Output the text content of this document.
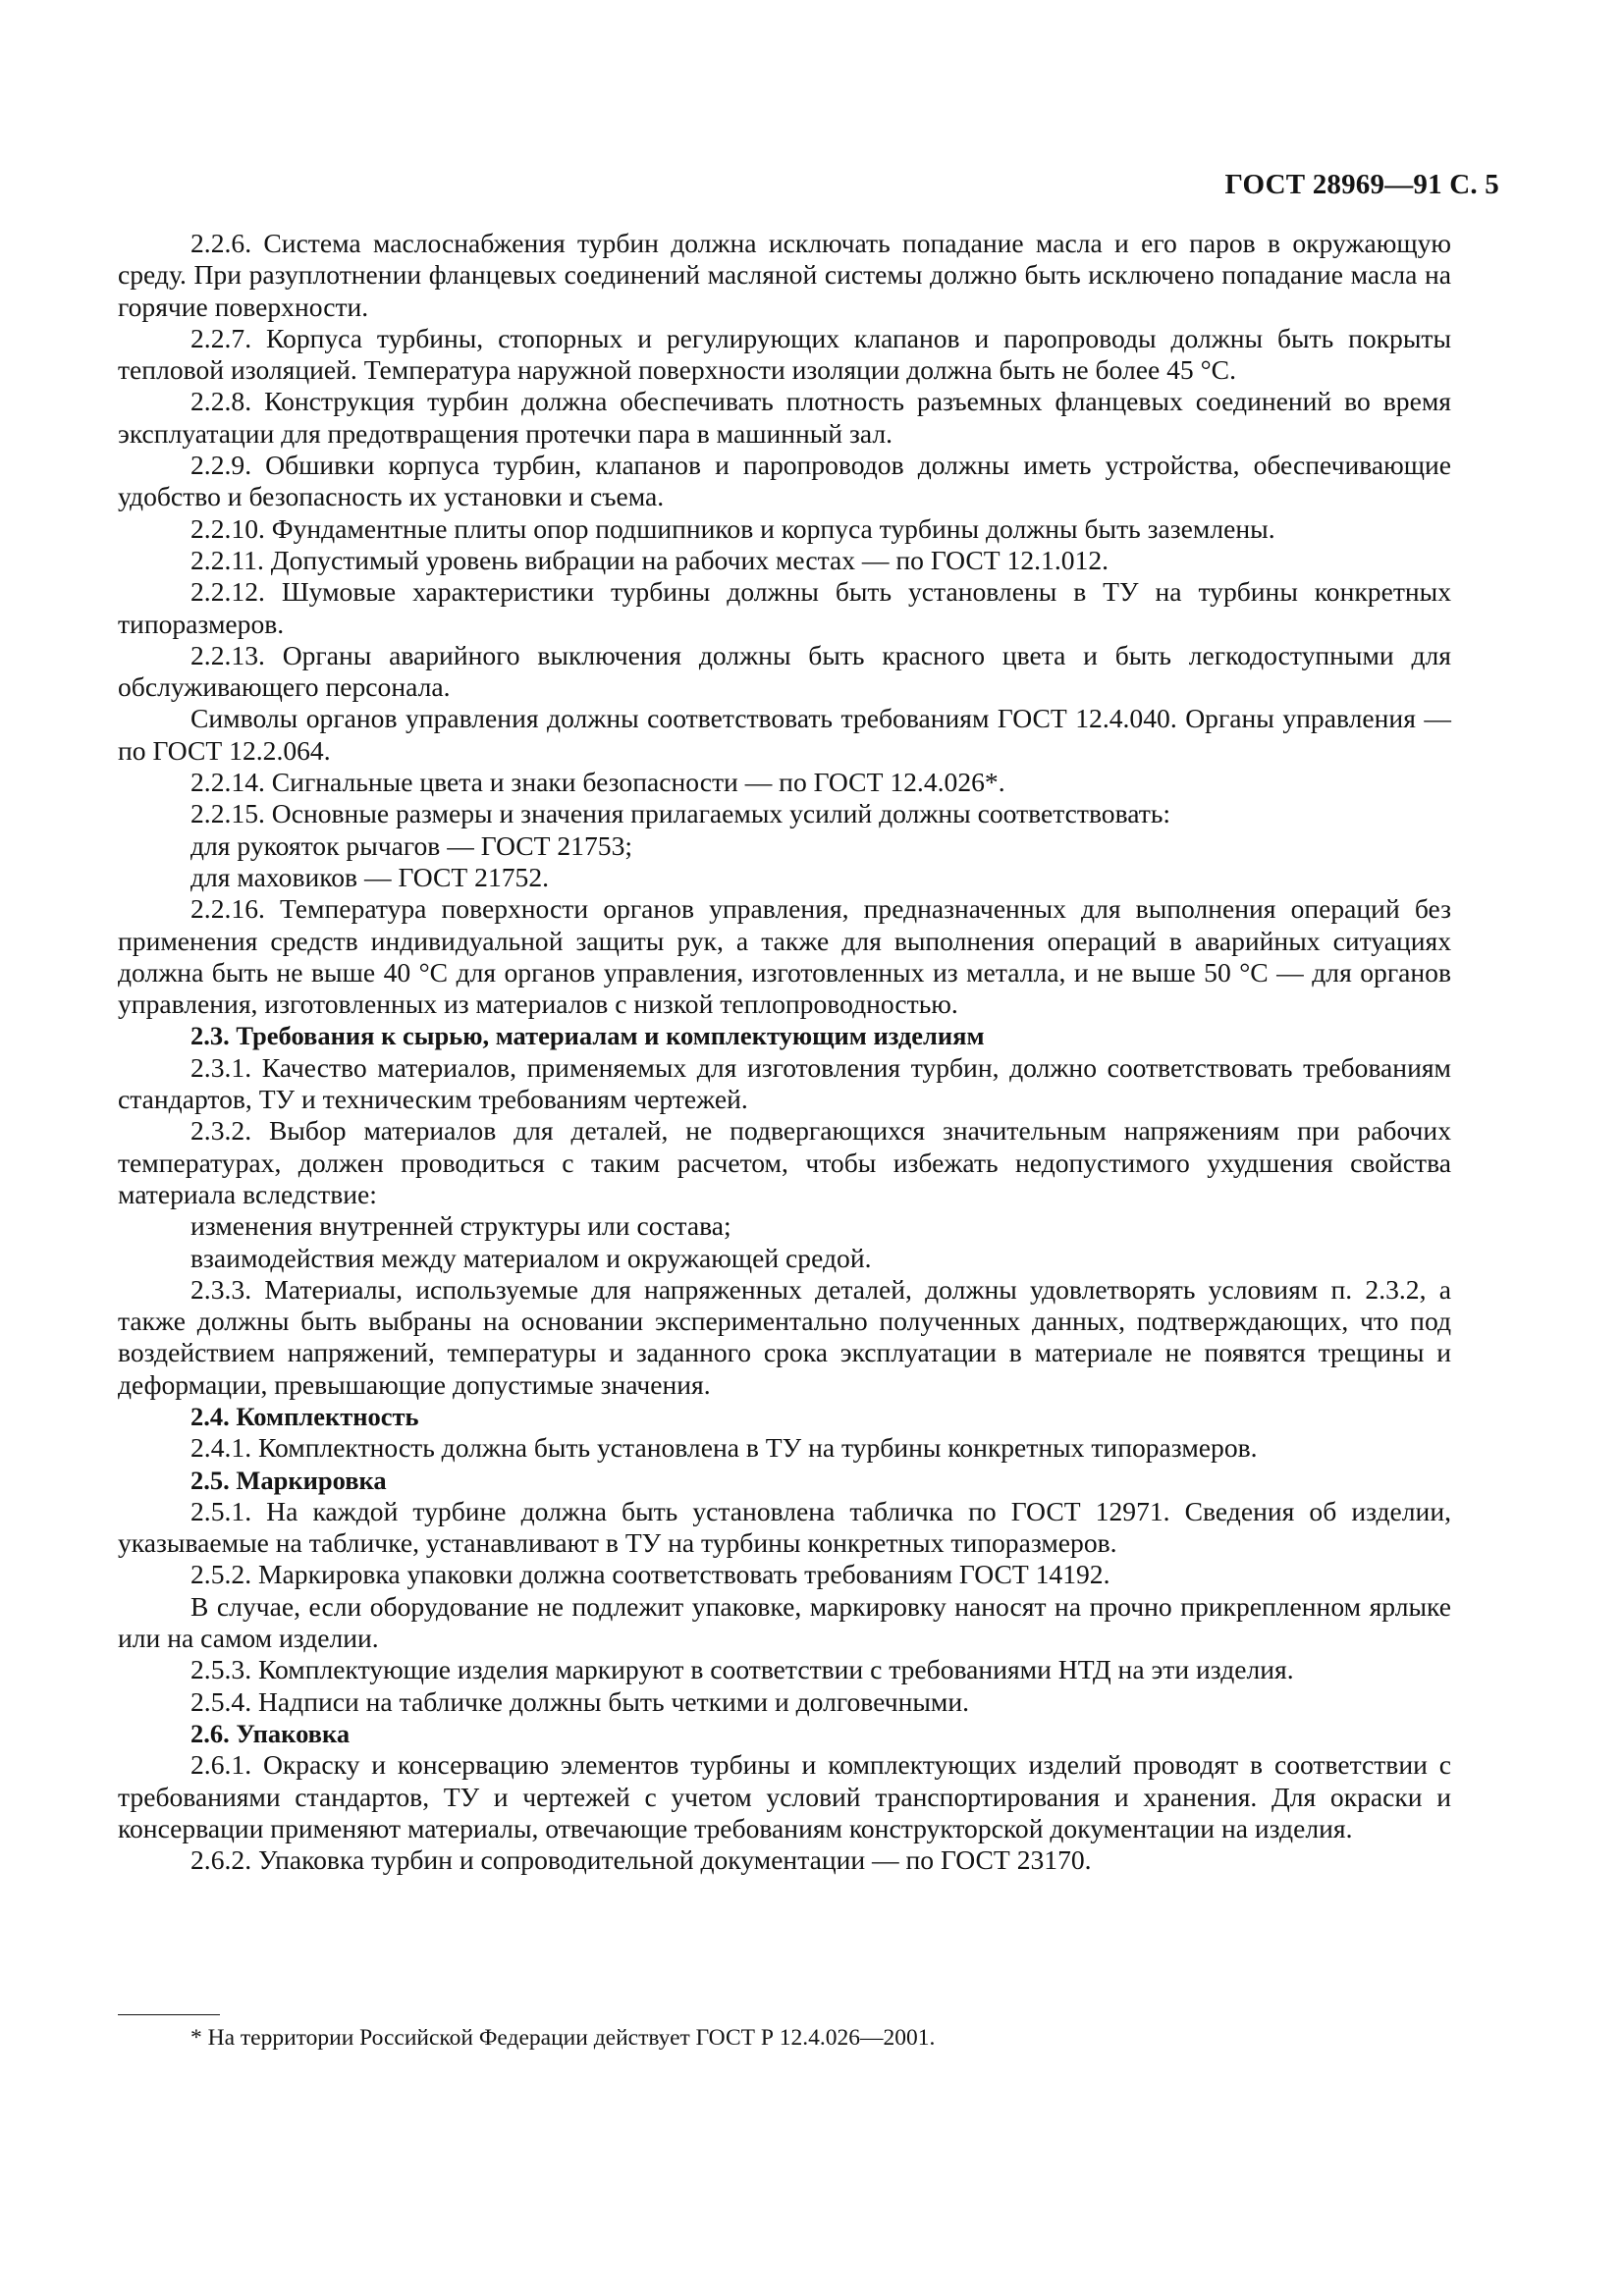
ГОСТ 28969—91 С. 5

2.2.6. Система маслоснабжения турбин должна исключать попадание масла и его паров в окружающую среду. При разуплотнении фланцевых соединений масляной системы должно быть исключено попадание масла на горячие поверхности.

2.2.7. Корпуса турбины, стопорных и регулирующих клапанов и паропроводы должны быть покрыты тепловой изоляцией. Температура наружной поверхности изоляции должна быть не более 45 °С.

2.2.8. Конструкция турбин должна обеспечивать плотность разъемных фланцевых соединений во время эксплуатации для предотвращения протечки пара в машинный зал.

2.2.9. Обшивки корпуса турбин, клапанов и паропроводов должны иметь устройства, обеспечивающие удобство и безопасность их установки и съема.

2.2.10. Фундаментные плиты опор подшипников и корпуса турбины должны быть заземлены.

2.2.11. Допустимый уровень вибрации на рабочих местах — по ГОСТ 12.1.012.

2.2.12. Шумовые характеристики турбины должны быть установлены в ТУ на турбины конкретных типоразмеров.

2.2.13. Органы аварийного выключения должны быть красного цвета и быть легкодоступными для обслуживающего персонала.

Символы органов управления должны соответствовать требованиям ГОСТ 12.4.040. Органы управления — по ГОСТ 12.2.064.

2.2.14. Сигнальные цвета и знаки безопасности — по ГОСТ 12.4.026*.

2.2.15. Основные размеры и значения прилагаемых усилий должны соответствовать:

для рукояток рычагов — ГОСТ 21753;

для маховиков — ГОСТ 21752.

2.2.16. Температура поверхности органов управления, предназначенных для выполнения операций без применения средств индивидуальной защиты рук, а также для выполнения операций в аварийных ситуациях должна быть не выше 40 °С для органов управления, изготовленных из металла, и не выше 50 °С — для органов управления, изготовленных из материалов с низкой теплопроводностью.

2.3. Требования к сырью, материалам и комплектующим изделиям

2.3.1. Качество материалов, применяемых для изготовления турбин, должно соответствовать требованиям стандартов, ТУ и техническим требованиям чертежей.

2.3.2. Выбор материалов для деталей, не подвергающихся значительным напряжениям при рабочих температурах, должен проводиться с таким расчетом, чтобы избежать недопустимого ухудшения свойства материала вследствие:

изменения внутренней структуры или состава;

взаимодействия между материалом и окружающей средой.

2.3.3. Материалы, используемые для напряженных деталей, должны удовлетворять условиям п. 2.3.2, а также должны быть выбраны на основании экспериментально полученных данных, подтверждающих, что под воздействием напряжений, температуры и заданного срока эксплуатации в материале не появятся трещины и деформации, превышающие допустимые значения.

2.4. Комплектность

2.4.1. Комплектность должна быть установлена в ТУ на турбины конкретных типоразмеров.

2.5. Маркировка

2.5.1. На каждой турбине должна быть установлена табличка по ГОСТ 12971. Сведения об изделии, указываемые на табличке, устанавливают в ТУ на турбины конкретных типоразмеров.

2.5.2. Маркировка упаковки должна соответствовать требованиям ГОСТ 14192.

В случае, если оборудование не подлежит упаковке, маркировку наносят на прочно прикрепленном ярлыке или на самом изделии.

2.5.3. Комплектующие изделия маркируют в соответствии с требованиями НТД на эти изделия.

2.5.4. Надписи на табличке должны быть четкими и долговечными.

2.6. Упаковка

2.6.1. Окраску и консервацию элементов турбины и комплектующих изделий проводят в соответствии с требованиями стандартов, ТУ и чертежей с учетом условий транспортирования и хранения. Для окраски и консервации применяют материалы, отвечающие требованиям конструкторской документации на изделия.

2.6.2. Упаковка турбин и сопроводительной документации — по ГОСТ 23170.

* На территории Российской Федерации действует ГОСТ Р 12.4.026—2001.
